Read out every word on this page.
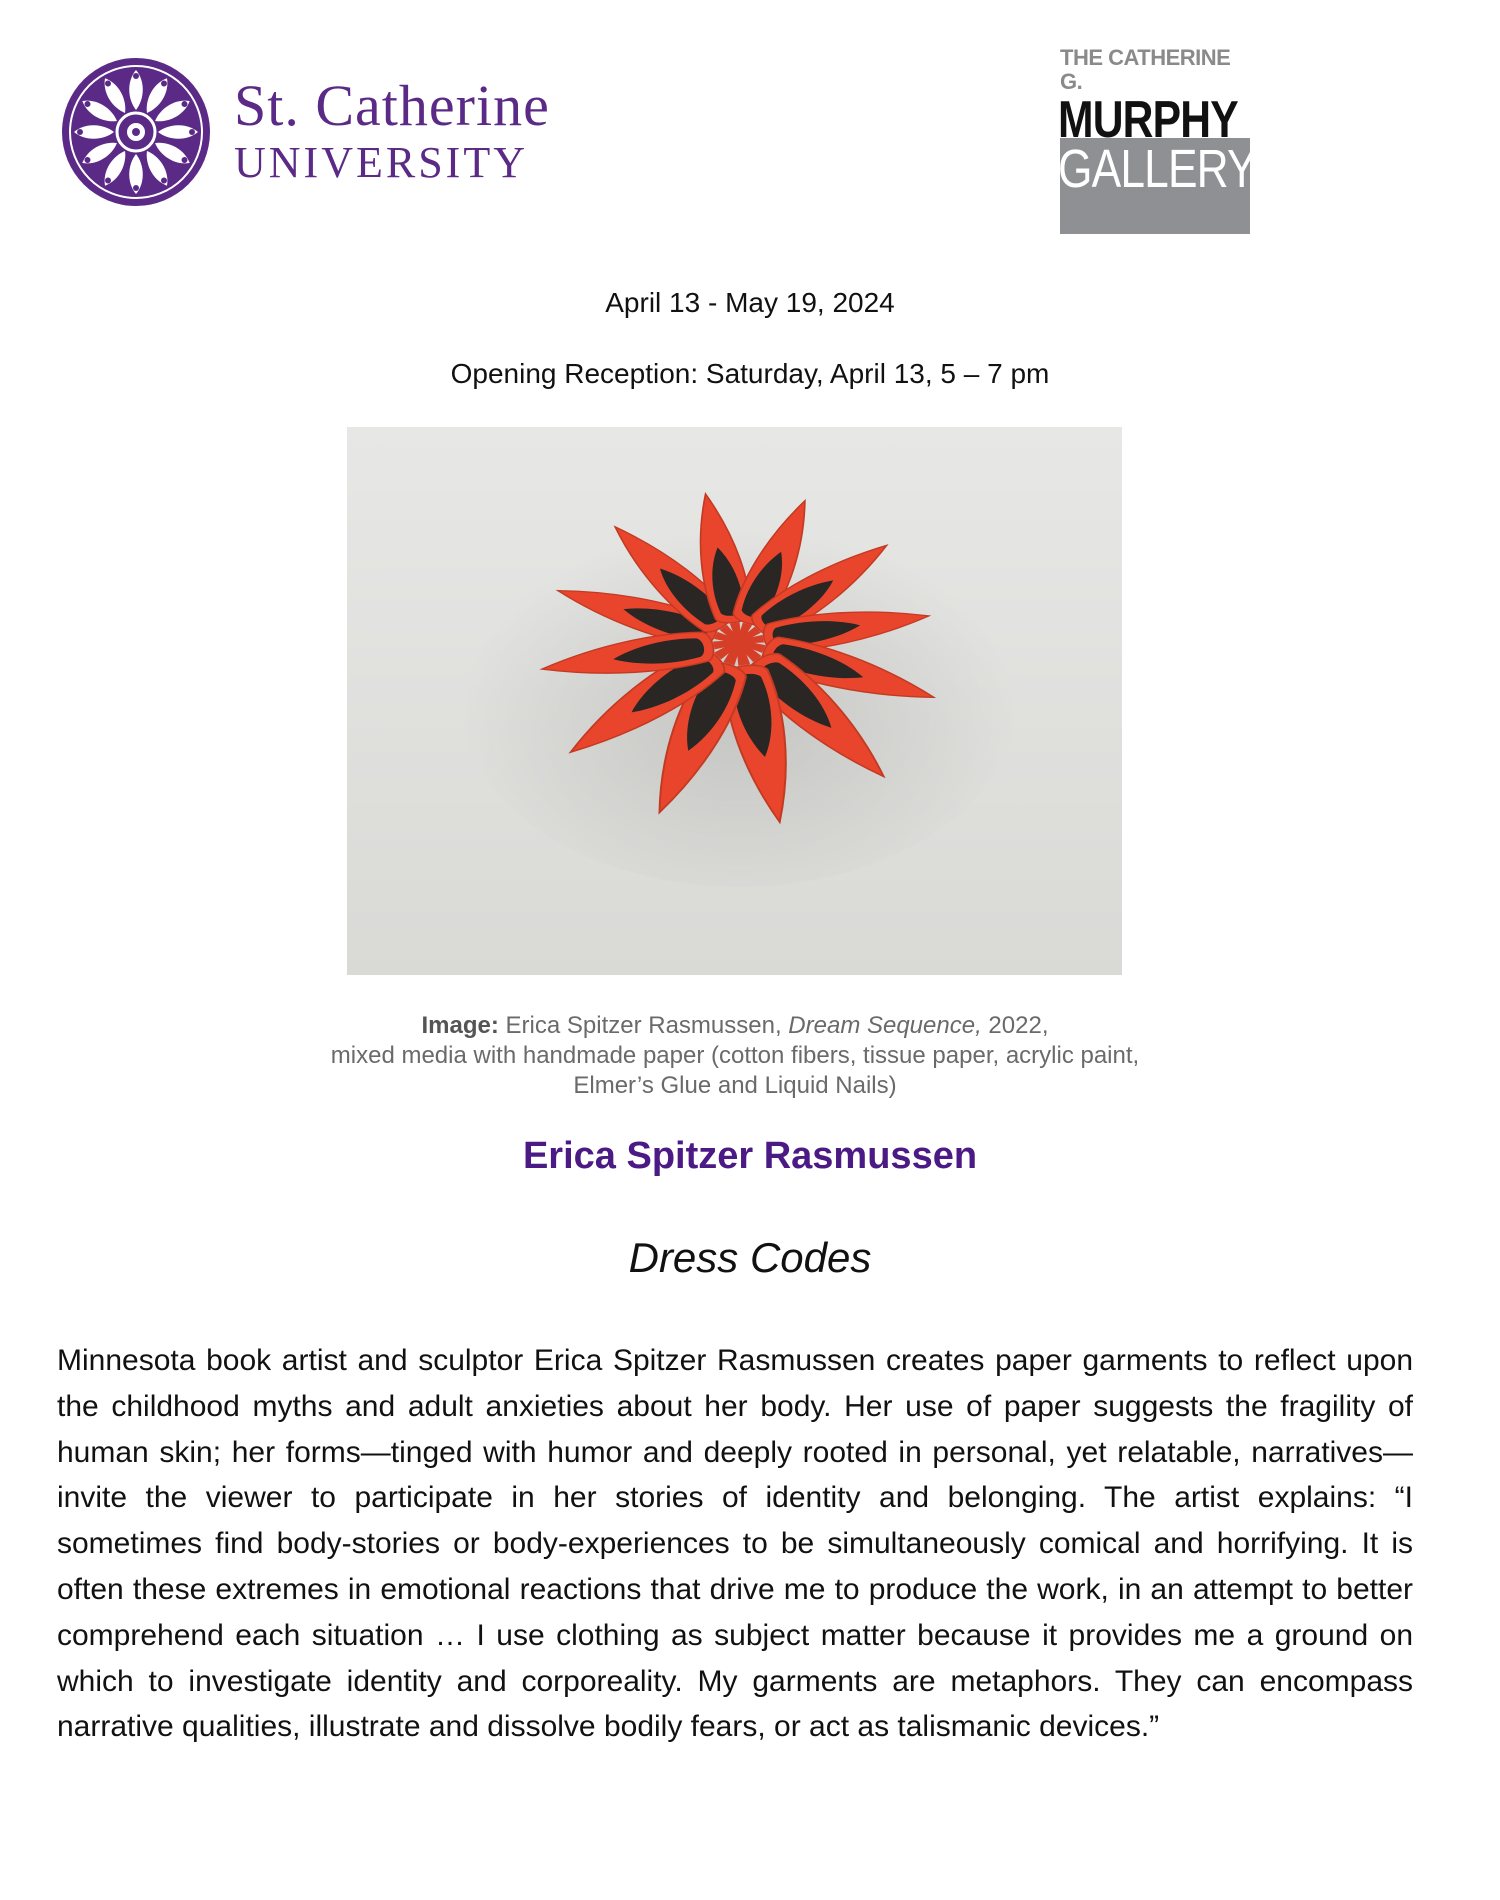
St. Catherine
UNIVERSITY
THE CATHERINE G.
MURPHY
GALLERY
April 13 - May 19, 2024
Opening Reception: Saturday, April 13, 5 – 7 pm
Image: Erica Spitzer Rasmussen, Dream Sequence, 2022,
mixed media with handmade paper (cotton fibers, tissue paper, acrylic paint, Elmer’s Glue and Liquid Nails)
Erica Spitzer Rasmussen
Dress Codes
Minnesota book artist and sculptor Erica Spitzer Rasmussen creates paper garments to reflect upon the childhood myths and adult anxieties about her body. Her use of paper suggests the fragility of human skin; her forms—tinged with humor and deeply rooted in personal, yet relatable, narratives—invite the viewer to participate in her stories of identity and belonging. The artist explains: “I sometimes find body-stories or body-experiences to be simultaneously comical and horrifying. It is often these extremes in emotional reactions that drive me to produce the work, in an attempt to better comprehend each situation … I use clothing as subject matter because it provides me a ground on which to investigate identity and corporeality. My garments are metaphors. They can encompass narrative qualities, illustrate and dissolve bodily fears, or act as talismanic devices.”
